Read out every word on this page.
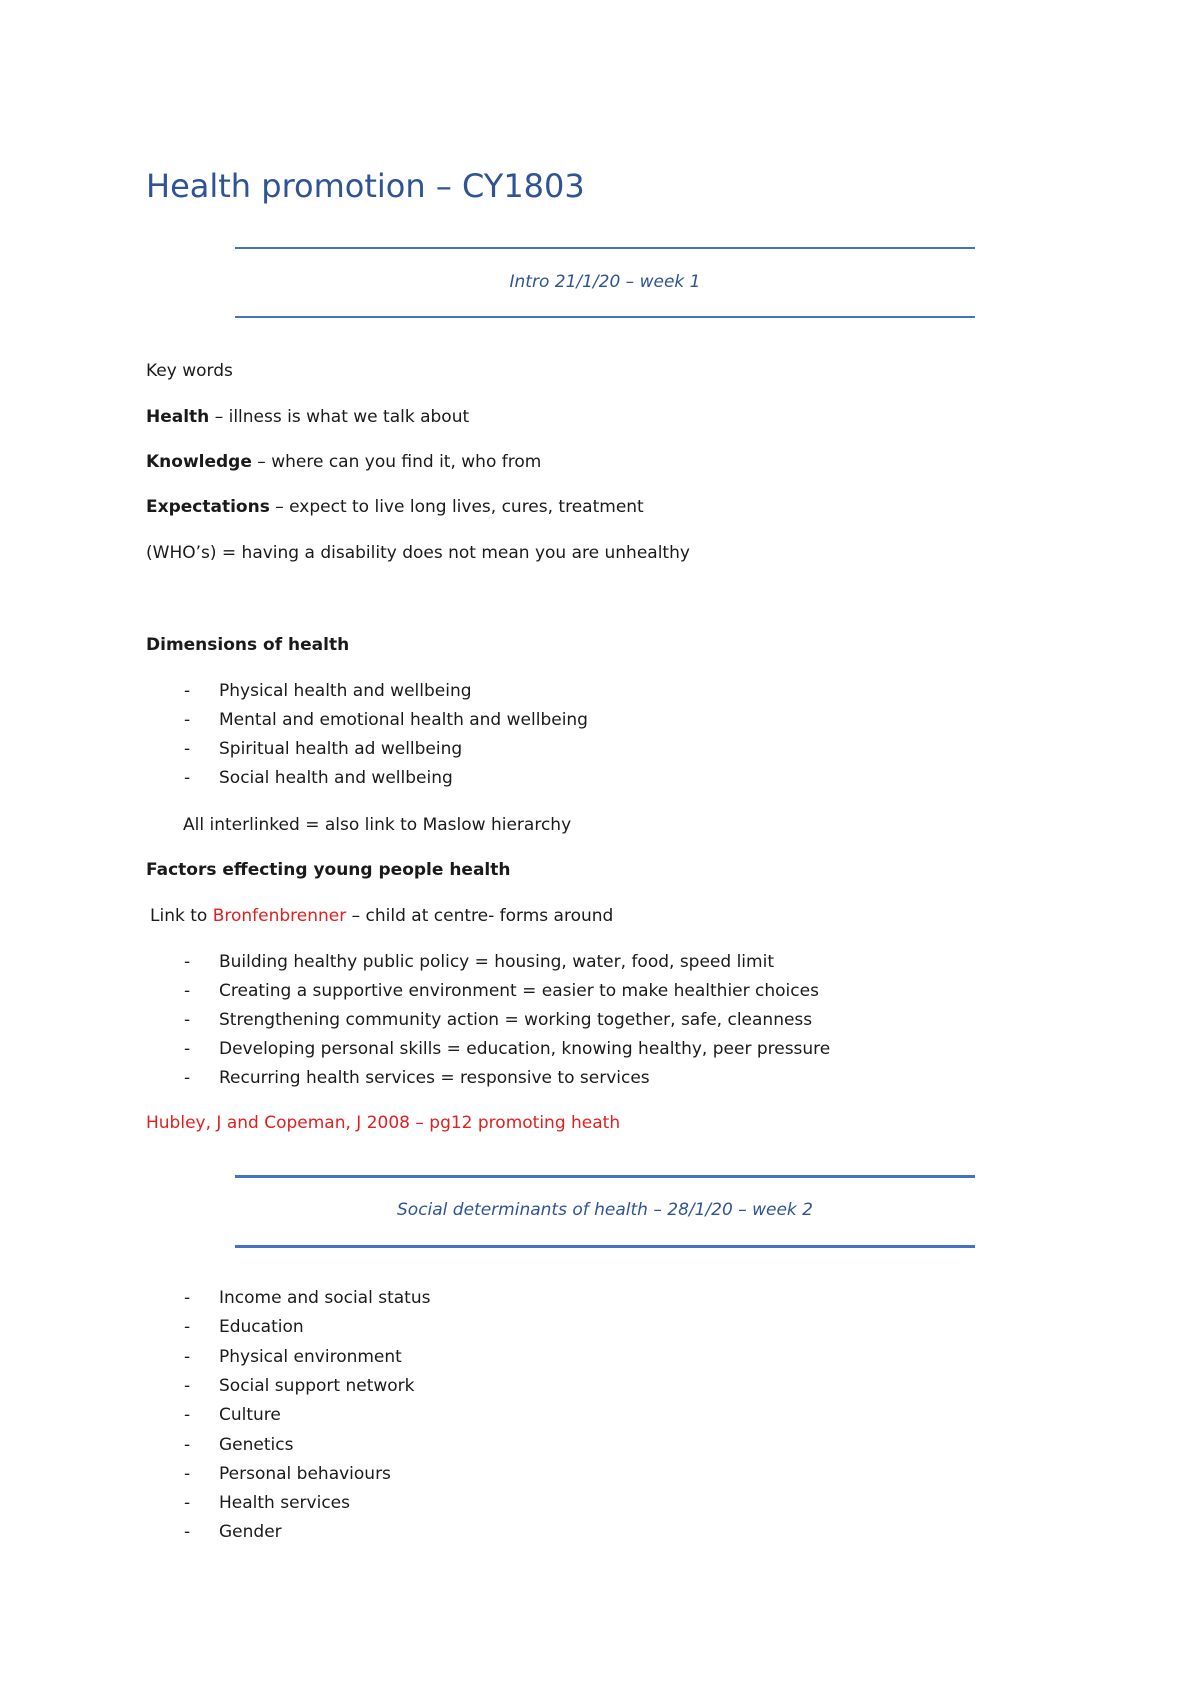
Health promotion – CY1803
Intro 21/1/20 – week 1
Key words
Health – illness is what we talk about
Knowledge – where can you find it, who from
Expectations – expect to live long lives, cures, treatment
(WHO’s) = having a disability does not mean you are unhealthy
Dimensions of health
- Physical health and wellbeing
- Mental and emotional health and wellbeing
- Spiritual health ad wellbeing
- Social health and wellbeing
All interlinked = also link to Maslow hierarchy
Factors effecting young people health
Link to Bronfenbrenner – child at centre- forms around
- Building healthy public policy = housing, water, food, speed limit
- Creating a supportive environment = easier to make healthier choices
- Strengthening community action = working together, safe, cleanness
- Developing personal skills = education, knowing healthy, peer pressure
- Recurring health services = responsive to services
Hubley, J and Copeman, J 2008 – pg12 promoting heath
Social determinants of health – 28/1/20 – week 2
- Income and social status
- Education
- Physical environment
- Social support network
- Culture
- Genetics
- Personal behaviours
- Health services
- Gender
